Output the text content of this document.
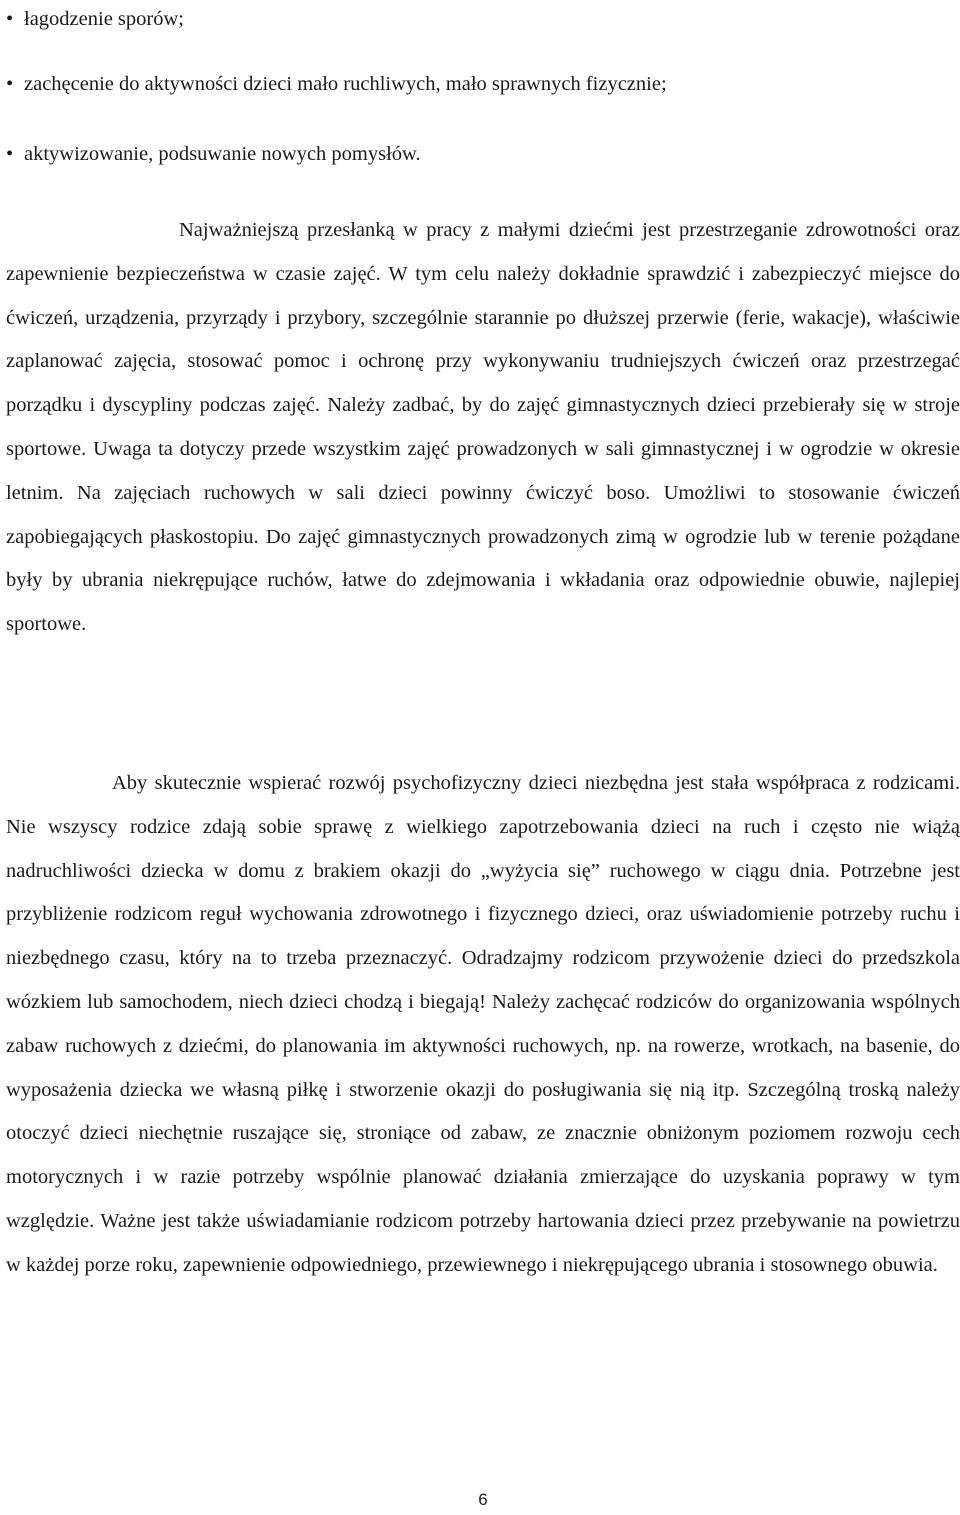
• łagodzenie sporów;
• zachęcenie do aktywności dzieci mało ruchliwych, mało sprawnych fizycznie;
• aktywizowanie, podsuwanie nowych pomysłów.

Najważniejszą przesłanką w pracy z małymi dziećmi jest przestrzeganie zdrowotności oraz zapewnienie bezpieczeństwa w czasie zajęć. W tym celu należy dokładnie sprawdzić i zabezpieczyć miejsce do ćwiczeń, urządzenia, przyrządy i przybory, szczególnie starannie po dłuższej przerwie (ferie, wakacje), właściwie zaplanować zajęcia, stosować pomoc i ochronę przy wykonywaniu trudniejszych ćwiczeń oraz przestrzegać porządku i dyscypliny podczas zajęć. Należy zadbać, by do zajęć gimnastycznych dzieci przebierały się w stroje sportowe. Uwaga ta dotyczy przede wszystkim zajęć prowadzonych w sali gimnastycznej i w ogrodzie w okresie letnim. Na zajęciach ruchowych w sali dzieci powinny ćwiczyć boso. Umożliwi to stosowanie ćwiczeń zapobiegających płaskostopiu. Do zajęć gimnastycznych prowadzonych zimą w ogrodzie lub w terenie pożądane były by ubrania niekrępujące ruchów, łatwe do zdejmowania i wkładania oraz odpowiednie obuwie, najlepiej sportowe.

Aby skutecznie wspierać rozwój psychofizyczny dzieci niezbędna jest stała współpraca z rodzicami. Nie wszyscy rodzice zdają sobie sprawę z wielkiego zapotrzebowania dzieci na ruch i często nie wiążą nadruchliwości dziecka w domu z brakiem okazji do „wyżycia się” ruchowego w ciągu dnia. Potrzebne jest przybliżenie rodzicom reguł wychowania zdrowotnego i fizycznego dzieci, oraz uświadomienie potrzeby ruchu i niezbędnego czasu, który na to trzeba przeznaczyć. Odradzajmy rodzicom przywożenie dzieci do przedszkola wózkiem lub samochodem, niech dzieci chodzą i biegają! Należy zachęcać rodziców do organizowania wspólnych zabaw ruchowych z dziećmi, do planowania im aktywności ruchowych, np. na rowerze, wrotkach, na basenie, do wyposażenia dziecka we własną piłkę i stworzenie okazji do posługiwania się nią itp. Szczególną troską należy otoczyć dzieci niechętnie ruszające się, stroniące od zabaw, ze znacznie obniżonym poziomem rozwoju cech motorycznych i w razie potrzeby wspólnie planować działania zmierzające do uzyskania poprawy w tym względzie. Ważne jest także uświadamianie rodzicom potrzeby hartowania dzieci przez przebywanie na powietrzu w każdej porze roku, zapewnienie odpowiedniego, przewiewnego i niekrępującego ubrania i stosownego obuwia.

6
